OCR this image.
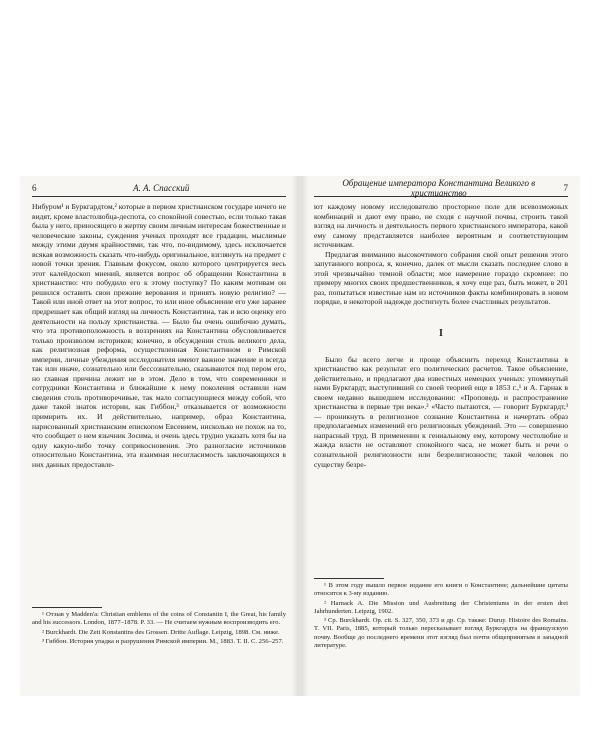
6	А. А. Спасский

Нибуром¹ и Буркгардтом,² которые в первом христианском государе ничего не видят, кроме властолюбца-деспота, со спокойной совестью, если только такая была у него, приносящего в жертву своим личным интересам божественные и человеческие законы, суждения ученых проходят все градации, мыслимые между этими двумя крайностями, так что, по-видимому, здесь исключается всякая возможность сказать что-нибудь оригинальное, взглянуть на предмет с новой точки зрения. Главным фокусом, около которого центрируется весь этот калейдоскоп мнений, является вопрос об обращении Константина в христианство: что побудило его к этому поступку? По каким мотивам он решился оставить свои прежние верования и принять новую религию? — Такой или иной ответ на этот вопрос, то или иное объяснение его уже заранее предрешает как общий взгляд на личность Константина, так и всю оценку его деятельности на пользу христианства. — Было бы очень ошибочно думать, что эта противоположность в воззрениях на Константина обусловливается только произволом историков; конечно, в обсуждении столь великого дела, как религиозная реформа, осуществленная Константином в Римской империи, личные убеждения исследователя имеют важное значение и всегда так или иначе, сознательно или бессознательно, сказываются под пером его, но главная причина лежит не в этом. Дело в том, что современники и сотрудники Константина и ближайшие к нему поколения оставили нам сведения столь противоречивые, так мало согласующиеся между собой, что даже такой знаток истории, как Гиббон,³ отказывается от возможности примирить их. И действительно, например, образ Константина, нарисованный христианским епископом Евсевием, нисколько не похож на то, что сообщает о нем язычник Зосима, и очень здесь трудно указать хотя бы на одну какую-либо точку соприкосновения. Это разногласие источников относительно Константина, эта взаимная несогласимость заключающихся в них данных предоставле-

¹ Отзыв у Madden'а: Christian emblems of the coins of Constantin I, the Great, his family and his successors. London, 1877–1878. P. 33. — Не считаем нужным воспроизводить его.

² Burckhardt. Die Zeit Konstantins des Grossen. Dritte Auflage. Leipzig, 1898. См. ниже.

³ Гиббон. История упадка и разрушения Римской империи. М., 1883. Т. II. С. 256–257.

Обращение императора Константина Великого в христианство	7

ют каждому новому исследователю просторное поле для всевозможных комбинаций и дают ему право, не сходя с научной почвы, строить такой взгляд на личность и деятельность первого христианского императора, какой ему самому представляется наиболее вероятным и соответствующим источникам.

Предлагая вниманию высокочтимого собрания свой опыт решения этого запутанного вопроса, я, конечно, далек от мысли сказать последнее слово в этой чрезвычайно темной области; мое намерение гораздо скромнее: по примеру многих своих предшественников, я хочу еще раз, быть может, в 201 раз, попытаться известные нам из источников факты комбинировать в новом порядке, в некоторой надежде достигнуть более счастливых результатов.

I

Было бы всего легче и проще объяснить переход Константина в христианство как результат его политических расчетов. Такое объяснение, действительно, и предлагают два известных немецких ученых: упомянутый нами Буркгардт, выступивший со своей теорией еще в 1853 г.,¹ и А. Гарнак в своем недавно вышедшем исследовании: «Проповедь и распространение христианства в первые три века».² «Часто пытаются, — говорит Буркгардт,³ — проникнуть в религиозное сознание Константина и начертать образ предполагаемых изменений его религиозных убеждений. Это — совершенно напрасный труд. В применении к гениальному ему, которому честолюбие и жажда власти не оставляют спокойного часа, не может быть и речи о сознательной религиозности или безрелигиозности; такой человек по существу безре-

¹ В этом году вышло первое издание его книги о Константине; дальнейшие цитаты относятся к 3-му изданию.

² Harnack A. Die Mission und Ausbreitung der Christentums in der ersten drei Jahrhunderten. Leipzig, 1902.

³ Ср. Burckhardt. Op. cit. S. 327, 350, 373 и др. Ср. также: Duruy. Histoire des Romains. T. VII. Paris, 1885, который только пересказывает взгляд Буркгардта на французскую почву. Вообще до последнего времени этот взгляд был почти общепринятым в западной литературе.
